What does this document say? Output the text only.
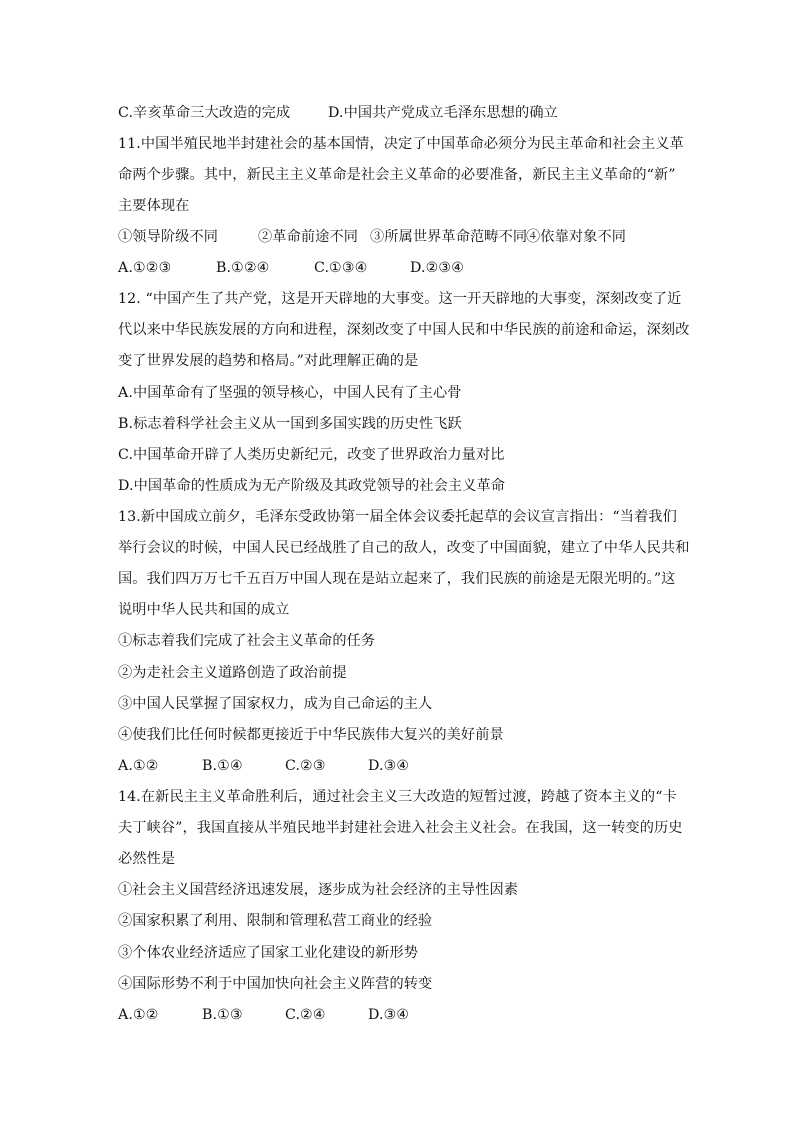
C.辛亥革命三大改造的完成	D.中国共产党成立毛泽东思想的确立
11.中国半殖民地半封建社会的基本国情，决定了中国革命必须分为民主革命和社会主义革
命两个步骤。其中，新民主主义革命是社会主义革命的必要准备，新民主主义革命的“新”
主要体现在
①领导阶级不同	②革命前途不同 ③所属世界革命范畴不同
④依靠对象不同
A.①②③	B.①②④	C.①③④	D.②③④
12. “中国产生了共产党，这是开天辟地的大事变。这一开天辟地的大事变，深刻改变了近
代以来中华民族发展的方向和进程，深刻改变了中国人民和中华民族的前途和命运，深刻改
变了世界发展的趋势和格局。”对此理解正确的是
A.中国革命有了坚强的领导核心，中国人民有了主心骨
B.标志着科学社会主义从一国到多国实践的历史性飞跃
C.中国革命开辟了人类历史新纪元，改变了世界政治力量对比
D.中国革命的性质成为无产阶级及其政党领导的社会主义革命
13.新中国成立前夕，毛泽东受政协第一届全体会议委托起草的会议宣言指出：“当着我们
举行会议的时候，中国人民已经战胜了自己的敌人，改变了中国面貌，建立了中华人民共和
国。我们四万万七千五百万中国人现在是站立起来了，我们民族的前途是无限光明的。”这
说明中华人民共和国的成立
①标志着我们完成了社会主义革命的任务
②为走社会主义道路创造了政治前提
③中国人民掌握了国家权力，成为自己命运的主人
④使我们比任何时候都更接近于中华民族伟大复兴的美好前景
A.①②	B.①④	C.②③	D.③④
14.在新民主主义革命胜利后，通过社会主义三大改造的短暂过渡，跨越了资本主义的“卡
夫丁峡谷”，我国直接从半殖民地半封建社会进入社会主义社会。在我国，这一转变的历史
必然性是
①社会主义国营经济迅速发展，逐步成为社会经济的主导性因素
②国家积累了利用、限制和管理私营工商业的经验
③个体农业经济适应了国家工业化建设的新形势
④国际形势不利于中国加快向社会主义阵营的转变
A.①②	B.①③	C.②④	D.③④
